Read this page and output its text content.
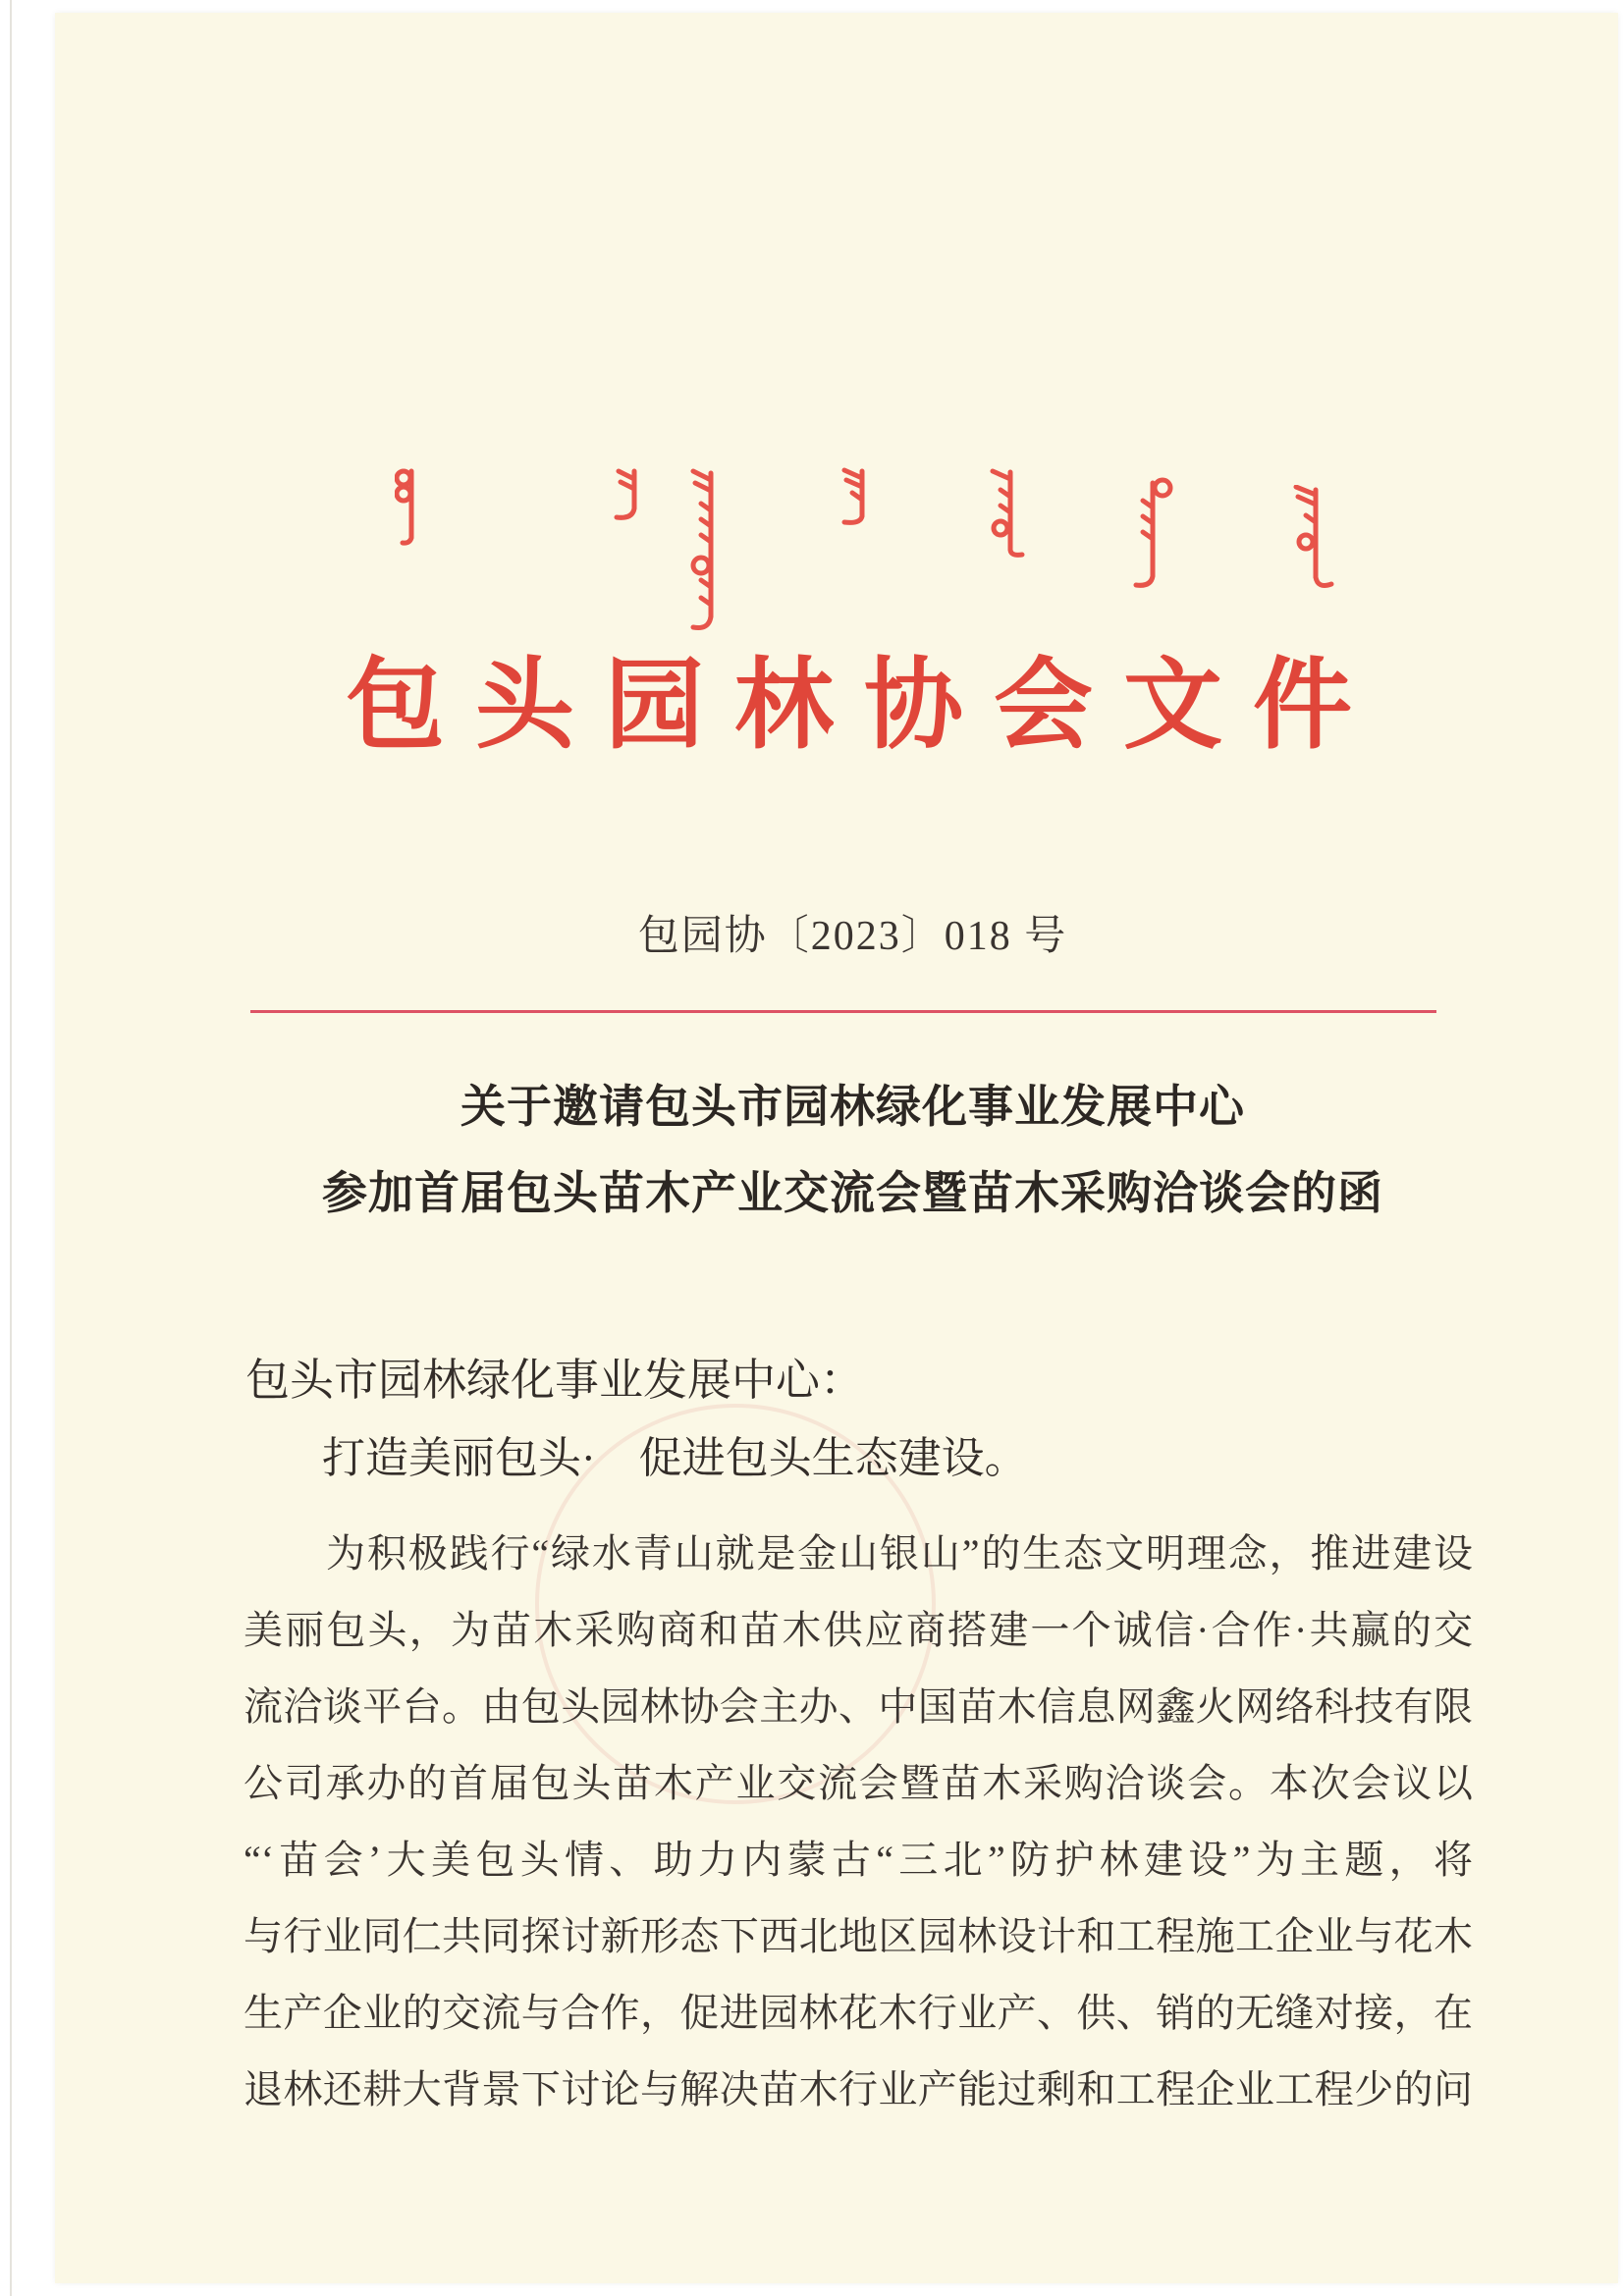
包头园林协会文件
包园协〔2023〕018 号
关于邀请包头市园林绿化事业发展中心
参加首届包头苗木产业交流会暨苗木采购洽谈会的函
包头市园林绿化事业发展中心：
打造美丽包头·　促进包头生态建设。
为积极践行“绿水青山就是金山银山”的生态文明理念，推进建设
美丽包头，为苗木采购商和苗木供应商搭建一个诚信·合作·共赢的交
流洽谈平台。由包头园林协会主办、中国苗木信息网鑫火网络科技有限
公司承办的首届包头苗木产业交流会暨苗木采购洽谈会。本次会议以
“‘苗会’大美包头情、助力内蒙古“三北”防护林建设”为主题，将
与行业同仁共同探讨新形态下西北地区园林设计和工程施工企业与花木
生产企业的交流与合作，促进园林花木行业产、供、销的无缝对接，在
退林还耕大背景下讨论与解决苗木行业产能过剩和工程企业工程少的问
